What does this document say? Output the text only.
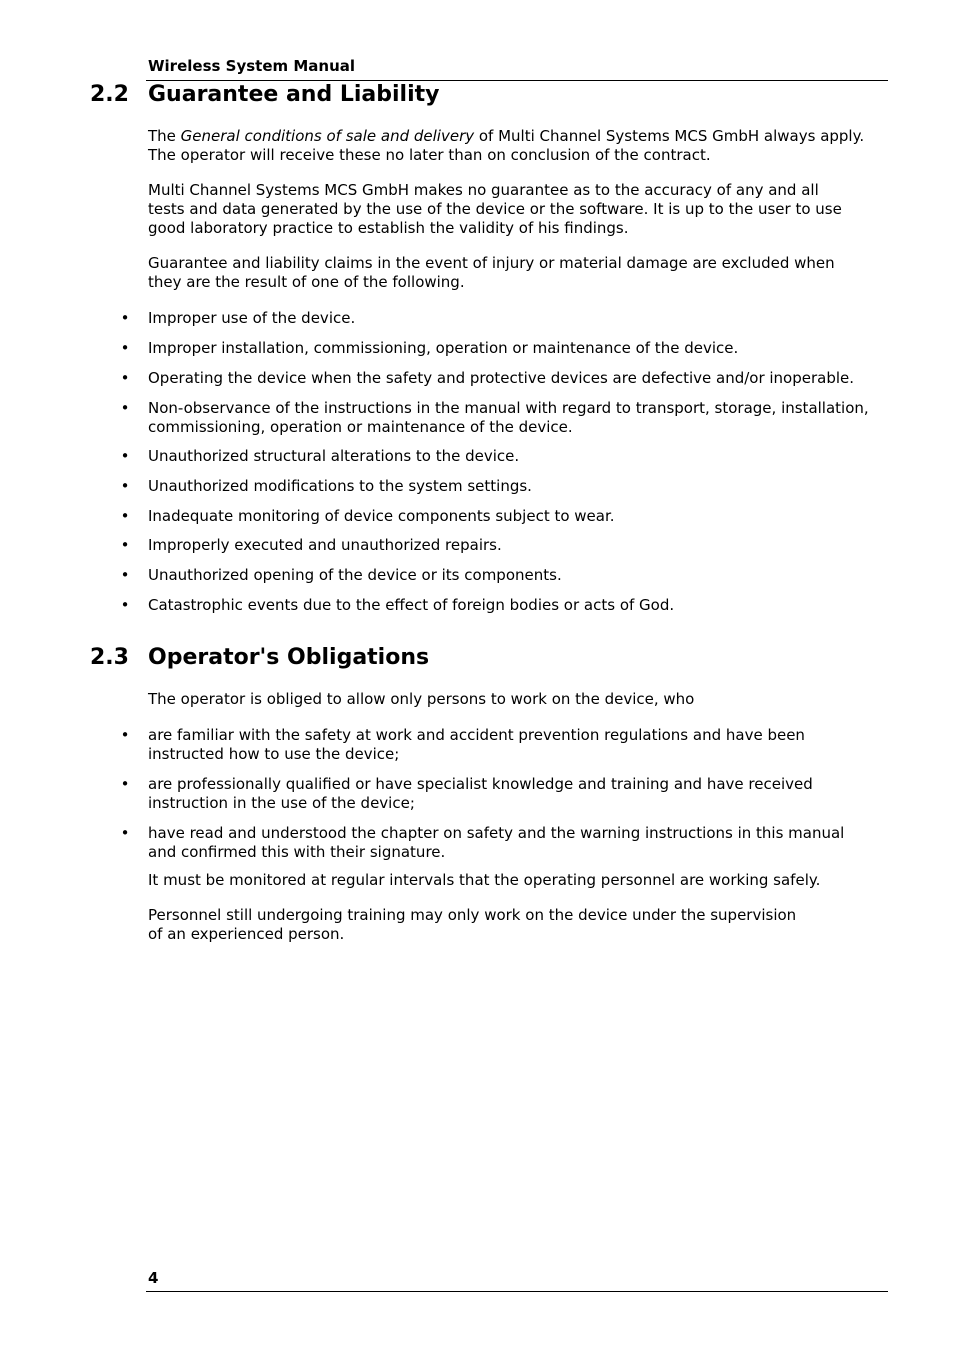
Wireless System Manual
2.2 Guarantee and Liability

The General conditions of sale and delivery of Multi Channel Systems MCS GmbH always apply. The operator will receive these no later than on conclusion of the contract.

Multi Channel Systems MCS GmbH makes no guarantee as to the accuracy of any and all tests and data generated by the use of the device or the software. It is up to the user to use good laboratory practice to establish the validity of his findings.

Guarantee and liability claims in the event of injury or material damage are excluded when they are the result of one of the following.

• Improper use of the device.
• Improper installation, commissioning, operation or maintenance of the device.
• Operating the device when the safety and protective devices are defective and/or inoperable.
• Non-observance of the instructions in the manual with regard to transport, storage, installation, commissioning, operation or maintenance of the device.
• Unauthorized structural alterations to the device.
• Unauthorized modifications to the system settings.
• Inadequate monitoring of device components subject to wear.
• Improperly executed and unauthorized repairs.
• Unauthorized opening of the device or its components.
• Catastrophic events due to the effect of foreign bodies or acts of God.
2.3 Operator's Obligations

The operator is obliged to allow only persons to work on the device, who

• are familiar with the safety at work and accident prevention regulations and have been instructed how to use the device;
• are professionally qualified or have specialist knowledge and training and have received instruction in the use of the device;
• have read and understood the chapter on safety and the warning instructions in this manual and confirmed this with their signature.

It must be monitored at regular intervals that the operating personnel are working safely.

Personnel still undergoing training may only work on the device under the supervision of an experienced person.

4
